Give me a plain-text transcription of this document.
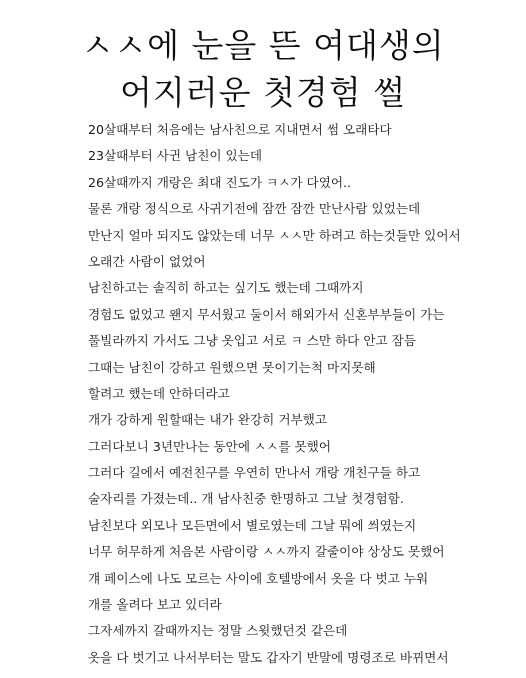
ㅅㅅ에 눈을 뜬 여대생의
어지러운 첫경험 썰
20살때부터 처음에는 남사친으로 지내면서 썸 오래타다
23살때부터 사귄 남친이 있는데
26살때까지 개랑은 최대 진도가 ㅋㅅ가 다였어..
물론 개랑 정식으로 사귀기전에 잠깐 잠깐 만난사람 있었는데
만난지 얼마 되지도 않았는데 너무 ㅅㅅ만 하려고 하는것들만 있어서
오래간 사람이 없었어
남친하고는 솔직히 하고는 싶기도 했는데 그때까지
경험도 없었고 왠지 무서웠고 둘이서 해외가서 신혼부부들이 가는
풀빌라까지 가서도 그냥 옷입고 서로 ㅋ 스만 하다 안고 잠듬
그때는 남친이 강하고 원했으면 못이기는척 마지못해
할려고 했는데 안하더라고
개가 강하게 원할때는 내가 완강히 거부했고
그러다보니 3년만나는 동안에 ㅅㅅ를 못했어
그러다 길에서 예전친구를 우연히 만나서 개랑 개친구들 하고
술자리를 가졌는데.. 개 남사친중 한명하고 그날 첫경험함.
남친보다 외모나 모든면에서 별로였는데 그날 뭐에 씌였는지
너무 허무하게 처음본 사람이랑 ㅅㅅ까지 갈줄이야 상상도 못했어
걔 페이스에 나도 모르는 사이에 호텔방에서 옷을 다 벗고 누워
개를 올려다 보고 있더라
그자세까지 갈때까지는 정말 스윗했던것 같은데
옷을 다 벗기고 나서부터는 말도 갑자기 반말에 명령조로 바뀌면서
